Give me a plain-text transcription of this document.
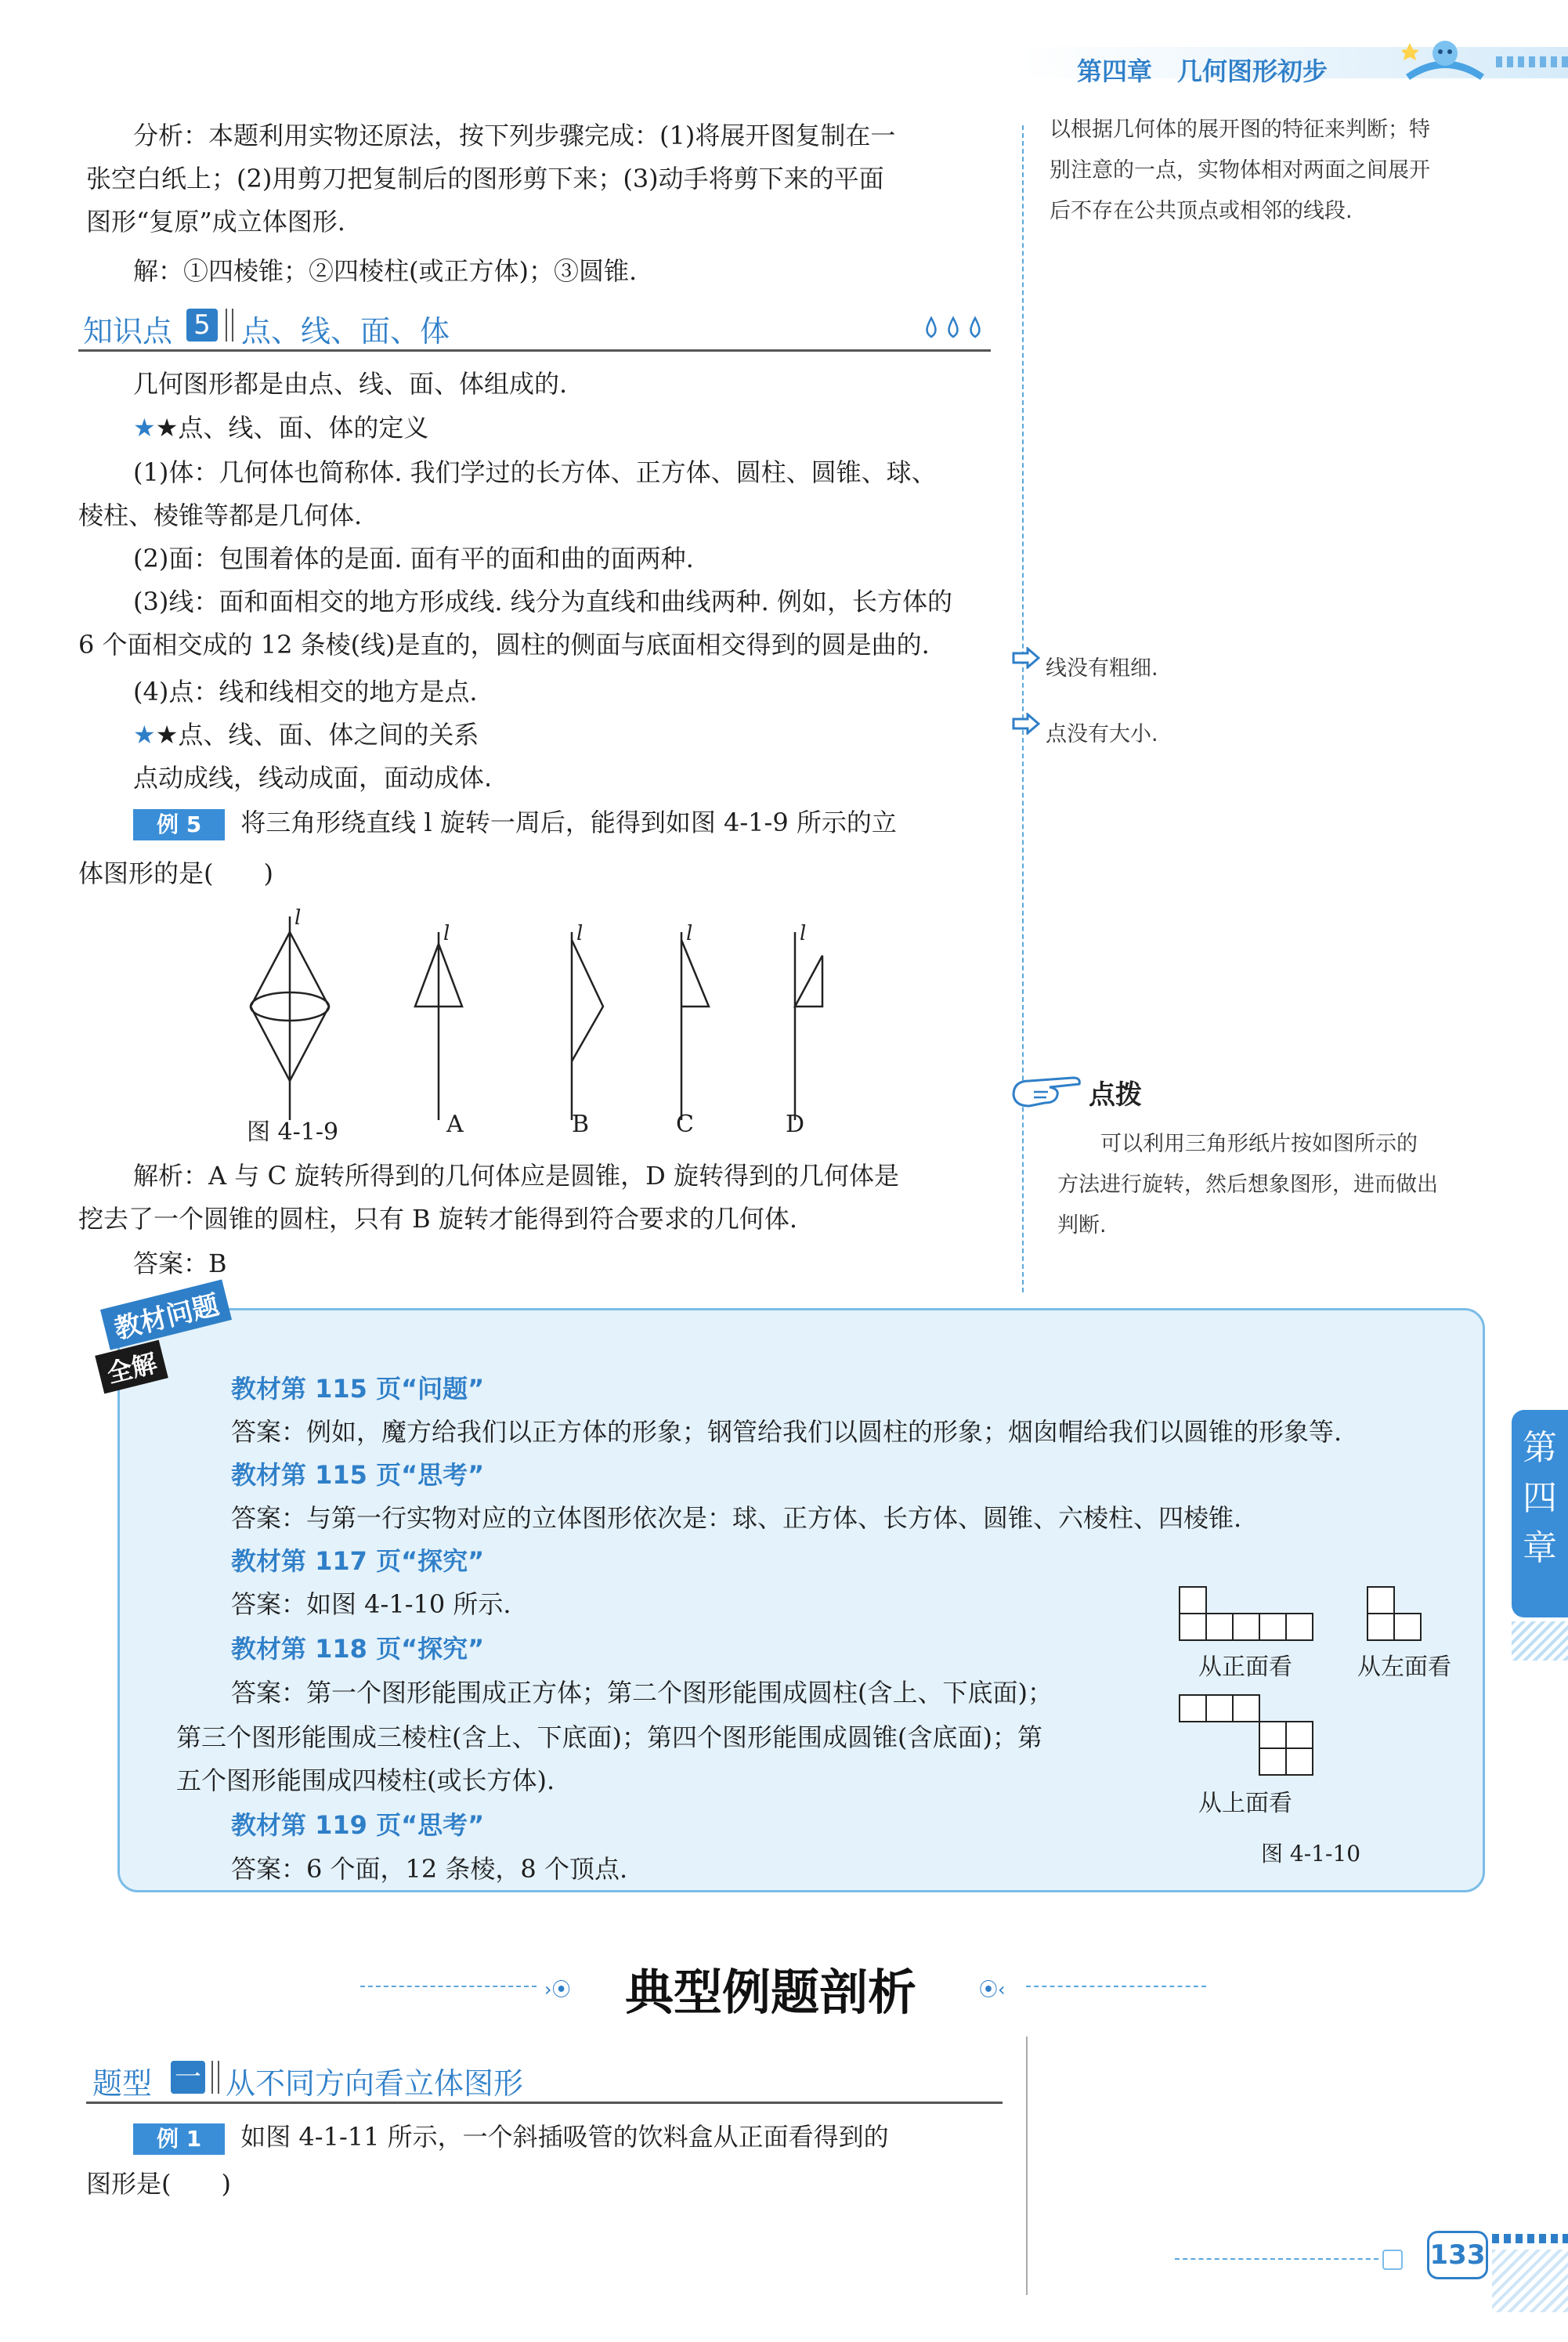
第四章　几何图形初步
分析：本题利用实物还原法，按下列步骤完成：(1)将展开图复制在一
张空白纸上；(2)用剪刀把复制后的图形剪下来；(3)动手将剪下来的平面
图形“复原”成立体图形.
解：①四棱锥；②四棱柱(或正方体)；③圆锥.
知识点 5 点、线、面、体
几何图形都是由点、线、面、体组成的.
★★点、线、面、体的定义
(1)体：几何体也简称体. 我们学过的长方体、正方体、圆柱、圆锥、球、
棱柱、棱锥等都是几何体.
(2)面：包围着体的是面. 面有平的面和曲的面两种.
(3)线：面和面相交的地方形成线. 线分为直线和曲线两种. 例如，长方体的
6 个面相交成的 12 条棱(线)是直的，圆柱的侧面与底面相交得到的圆是曲的.
(4)点：线和线相交的地方是点.
★★点、线、面、体之间的关系
点动成线，线动成面，面动成体.
例 5 将三角形绕直线 l 旋转一周后，能得到如图 4-1-9 所示的立
体图形的是(　　)
l
l	l	l	l
图 4-1-9	A	B	C	D
解析：A 与 C 旋转所得到的几何体应是圆锥，D 旋转得到的几何体是
挖去了一个圆锥的圆柱，只有 B 旋转才能得到符合要求的几何体.
答案：B
以根据几何体的展开图的特征来判断；特
别注意的一点，实物体相对两面之间展开
后不存在公共顶点或相邻的线段.
线没有粗细.
点没有大小.
点拨
可以利用三角形纸片按如图所示的
方法进行旋转，然后想象图形，进而做出
判断.
教材问题
全解	教材第 115 页“问题”
答案：例如，魔方给我们以正方体的形象；钢管给我们以圆柱的形象；烟囱帽给我们以圆锥的形象等.
教材第 115 页“思考”
答案：与第一行实物对应的立体图形依次是：球、正方体、长方体、圆锥、六棱柱、四棱锥.
教材第 117 页“探究”
答案：如图 4-1-10 所示.
教材第 118 页“探究”
答案：第一个图形能围成正方体；第二个图形能围成圆柱(含上、下底面)；
第三个图形能围成三棱柱(含上、下底面)；第四个图形能围成圆锥(含底面)；第
五个图形能围成四棱柱(或长方体).
教材第 119 页“思考”
答案：6 个面，12 条棱，8 个顶点.
从正面看	从左面看
从上面看
图 4-1-10
第
四
章
›⦿ 典型例题剖析	⦿‹
题型 一 从不同方向看立体图形
例 1 如图 4-1-11 所示，一个斜插吸管的饮料盒从正面看得到的
图形是(　　)
133
